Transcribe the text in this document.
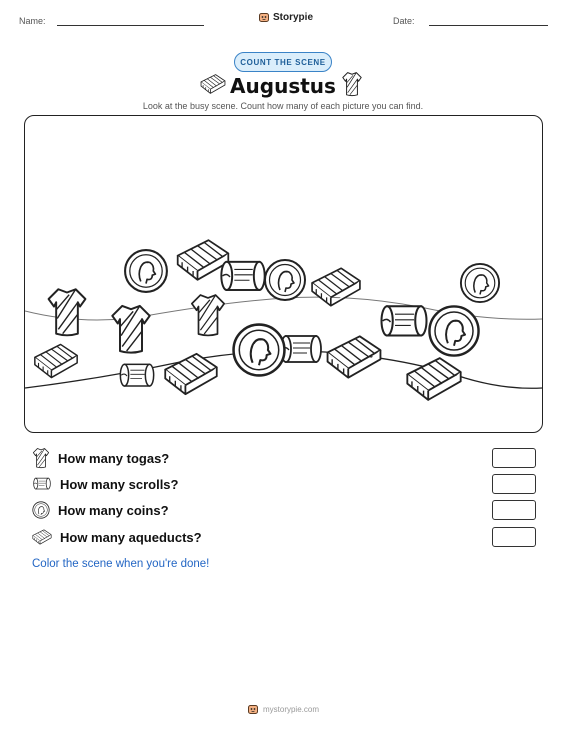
Name:	Storypie	Date:
COUNT THE SCENE
Augustus
Look at the busy scene. Count how many of each picture you can find.
How many togas?
How many scrolls?
How many coins?
How many aqueducts?
Color the scene when you're done!
mystorypie.com
